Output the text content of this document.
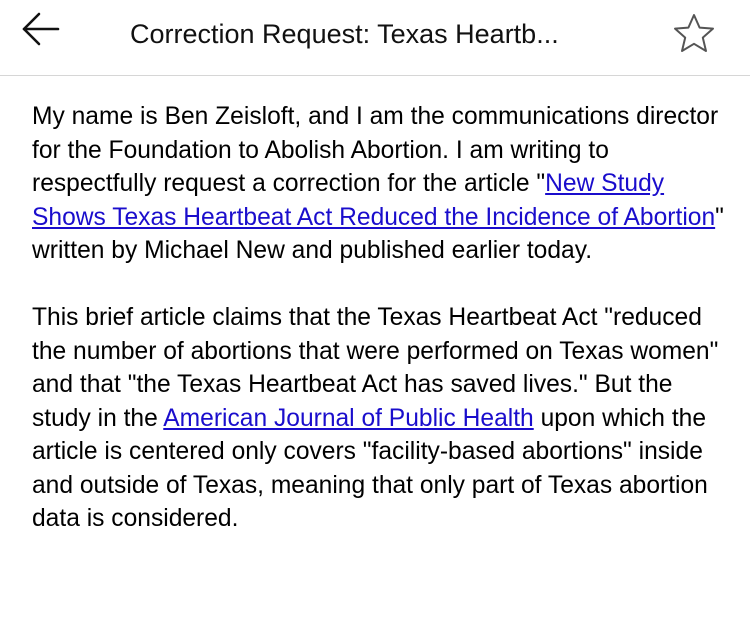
Correction Request: Texas Heartb...

My name is Ben Zeisloft, and I am the communications director for the Foundation to Abolish Abortion. I am writing to respectfully request a correction for the article "New Study Shows Texas Heartbeat Act Reduced the Incidence of Abortion" written by Michael New and published earlier today.

This brief article claims that the Texas Heartbeat Act "reduced the number of abortions that were performed on Texas women" and that "the Texas Heartbeat Act has saved lives." But the study in the American Journal of Public Health upon which the article is centered only covers "facility-based abortions" inside and outside of Texas, meaning that only part of Texas abortion data is considered.
